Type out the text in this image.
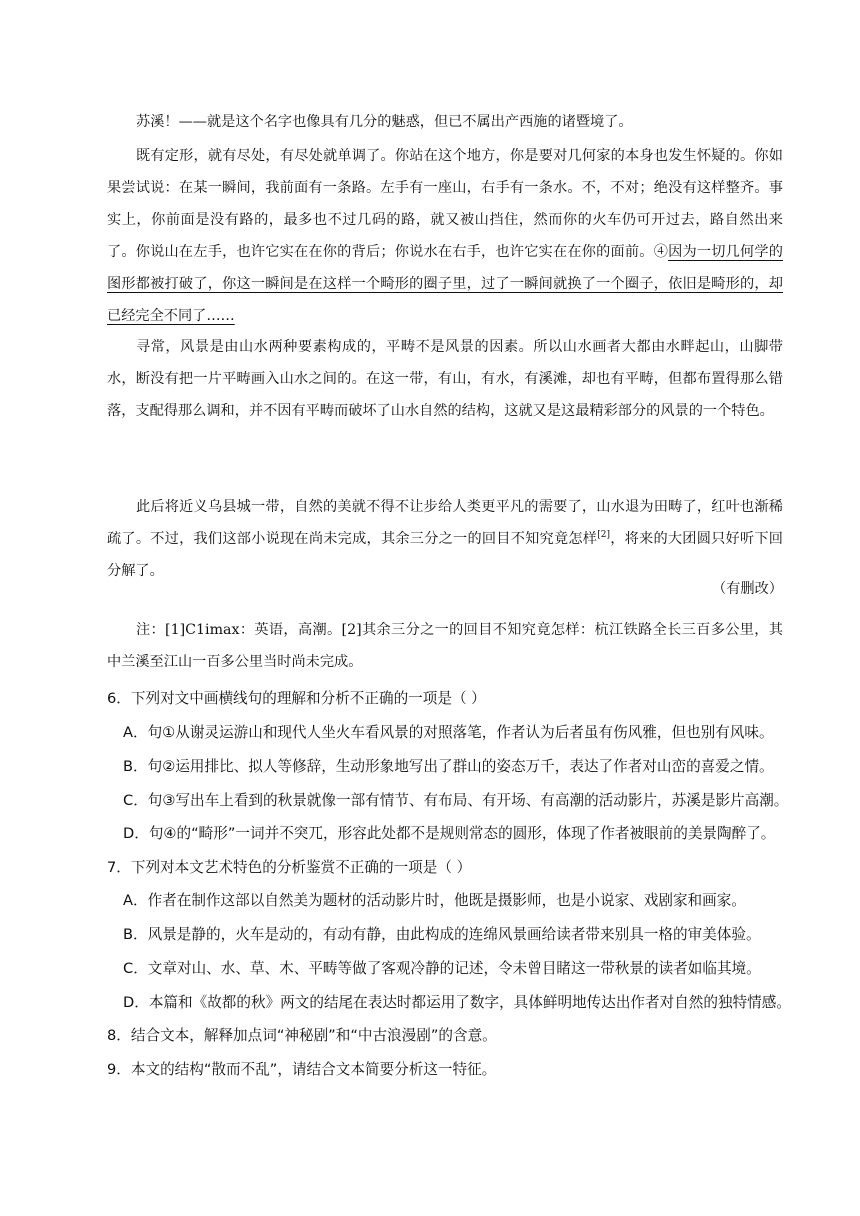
苏溪！——就是这个名字也像具有几分的魅惑，但已不属出产西施的诸暨境了。

既有定形，就有尽处，有尽处就单调了。你站在这个地方，你是要对几何家的本身也发生怀疑的。你如果尝试说：在某一瞬间，我前面有一条路。左手有一座山，右手有一条水。不，不对；绝没有这样整齐。事实上，你前面是没有路的，最多也不过几码的路，就又被山挡住，然而你的火车仍可开过去，路自然出来了。你说山在左手，也许它实在在你的背后；你说水在右手，也许它实在在你的面前。④因为一切几何学的图形都被打破了，你这一瞬间是在这样一个畸形的圈子里，过了一瞬间就换了一个圈子，依旧是畸形的，却已经完全不同了……

寻常，风景是由山水两种要素构成的，平畴不是风景的因素。所以山水画者大都由水畔起山，山脚带水，断没有把一片平畴画入山水之间的。在这一带，有山，有水，有溪滩，却也有平畴，但都布置得那么错落，支配得那么调和，并不因有平畴而破坏了山水自然的结构，这就又是这最精彩部分的风景的一个特色。

此后将近义乌县城一带，自然的美就不得不让步给人类更平凡的需要了，山水退为田畴了，红叶也渐稀疏了。不过，我们这部小说现在尚未完成，其余三分之一的回目不知究竟怎样[2]，将来的大团圆只好听下回分解了。

（有删改）

注：[1]C1imax：英语，高潮。[2]其余三分之一的回目不知究竟怎样：杭江铁路全长三百多公里，其中兰溪至江山一百多公里当时尚未完成。

6．下列对文中画横线句的理解和分析不正确的一项是（ ）
A．句①从谢灵运游山和现代人坐火车看风景的对照落笔，作者认为后者虽有伤风雅，但也别有风味。
B．句②运用排比、拟人等修辞，生动形象地写出了群山的姿态万千，表达了作者对山峦的喜爱之情。
C．句③写出车上看到的秋景就像一部有情节、有布局、有开场、有高潮的活动影片，苏溪是影片高潮。
D．句④的“畸形”一词并不突兀，形容此处都不是规则常态的圆形，体现了作者被眼前的美景陶醉了。
7．下列对本文艺术特色的分析鉴赏不正确的一项是（ ）
A．作者在制作这部以自然美为题材的活动影片时，他既是摄影师，也是小说家、戏剧家和画家。
B．风景是静的，火车是动的，有动有静，由此构成的连绵风景画给读者带来别具一格的审美体验。
C．文章对山、水、草、木、平畴等做了客观冷静的记述，令未曾目睹这一带秋景的读者如临其境。
D．本篇和《故都的秋》两文的结尾在表达时都运用了数字，具体鲜明地传达出作者对自然的独特情感。
8．结合文本，解释加点词“神秘剧”和“中古浪漫剧”的含意。
9．本文的结构“散而不乱”，请结合文本简要分析这一特征。
